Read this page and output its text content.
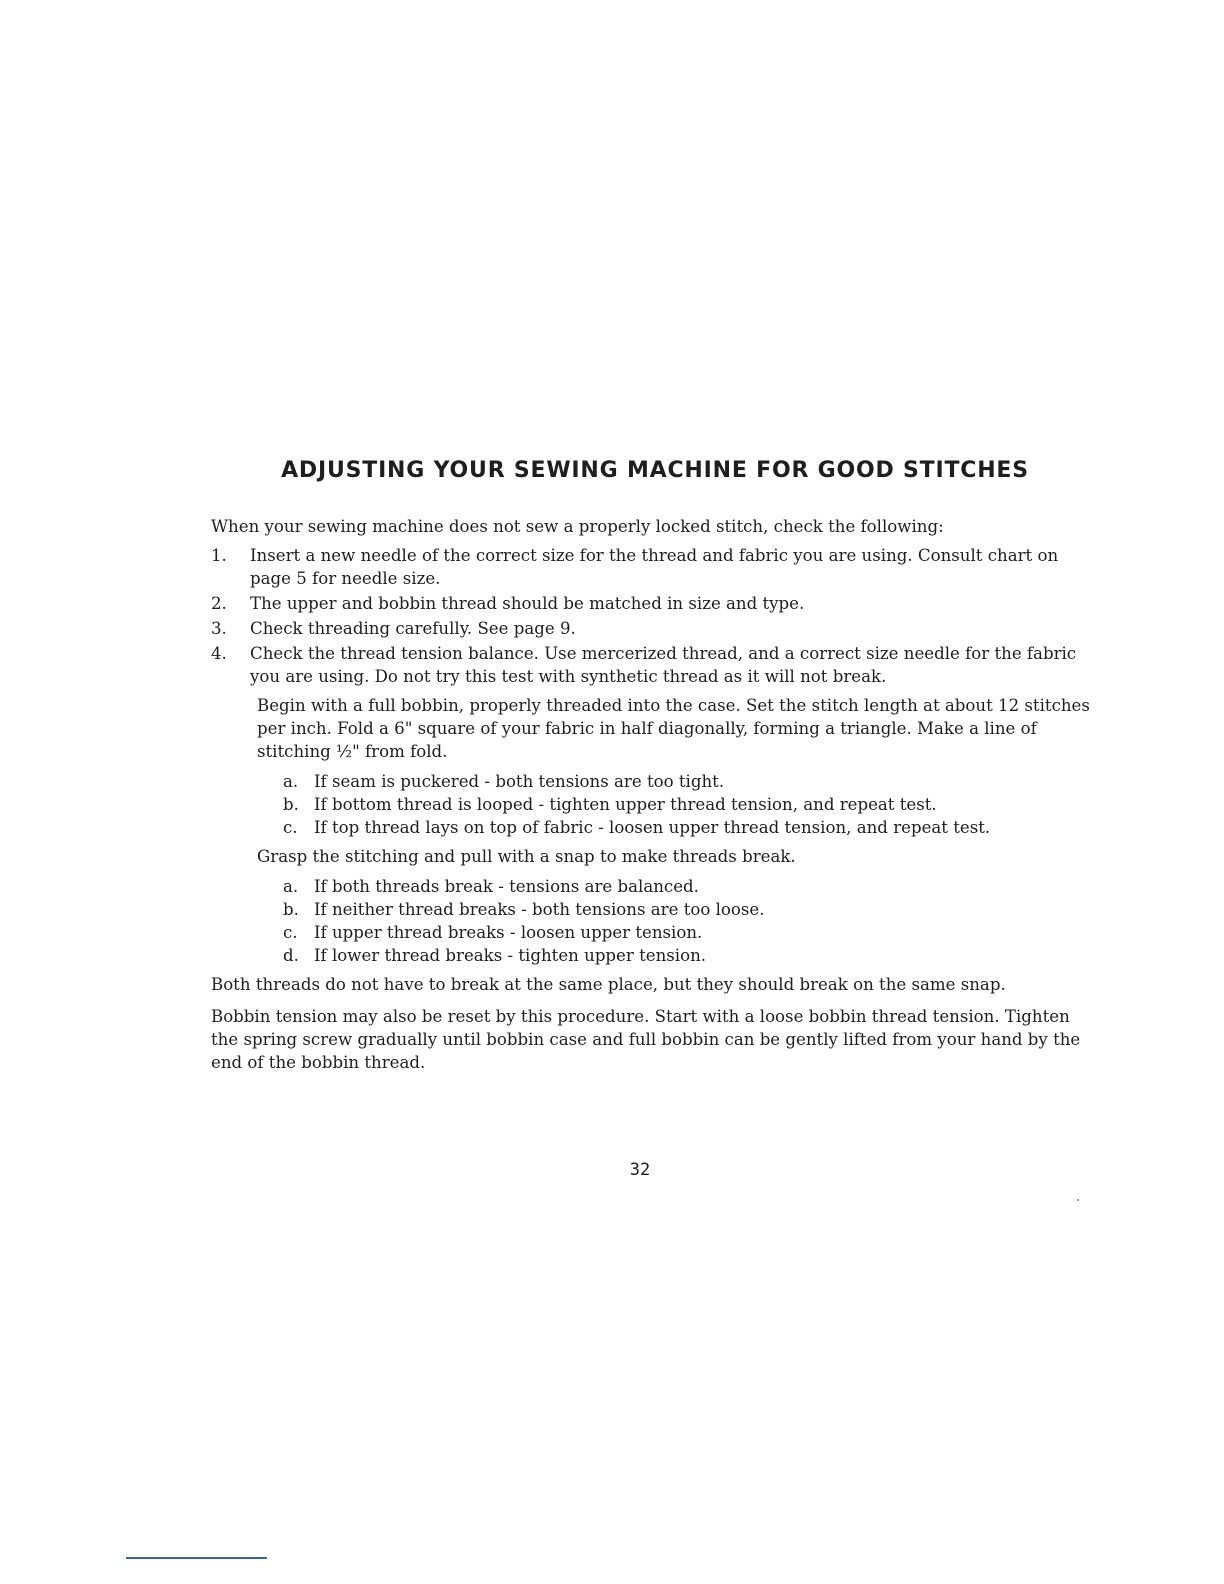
ADJUSTING YOUR SEWING MACHINE FOR GOOD STITCHES

When your sewing machine does not sew a properly locked stitch, check the following:

1. Insert a new needle of the correct size for the thread and fabric you are using. Consult chart on page 5 for needle size.
2. The upper and bobbin thread should be matched in size and type.
3. Check threading carefully. See page 9.
4. Check the thread tension balance. Use mercerized thread, and a correct size needle for the fabric you are using. Do not try this test with synthetic thread as it will not break.

Begin with a full bobbin, properly threaded into the case. Set the stitch length at about 12 stitches per inch. Fold a 6" square of your fabric in half diagonally, forming a triangle. Make a line of stitching ½" from fold.

a. If seam is puckered - both tensions are too tight.
b. If bottom thread is looped - tighten upper thread tension, and repeat test.
c. If top thread lays on top of fabric - loosen upper thread tension, and repeat test.

Grasp the stitching and pull with a snap to make threads break.

a. If both threads break - tensions are balanced.
b. If neither thread breaks - both tensions are too loose.
c. If upper thread breaks - loosen upper tension.
d. If lower thread breaks - tighten upper tension.

Both threads do not have to break at the same place, but they should break on the same snap.

Bobbin tension may also be reset by this procedure. Start with a loose bobbin thread tension. Tighten the spring screw gradually until bobbin case and full bobbin can be gently lifted from your hand by the end of the bobbin thread.

32
